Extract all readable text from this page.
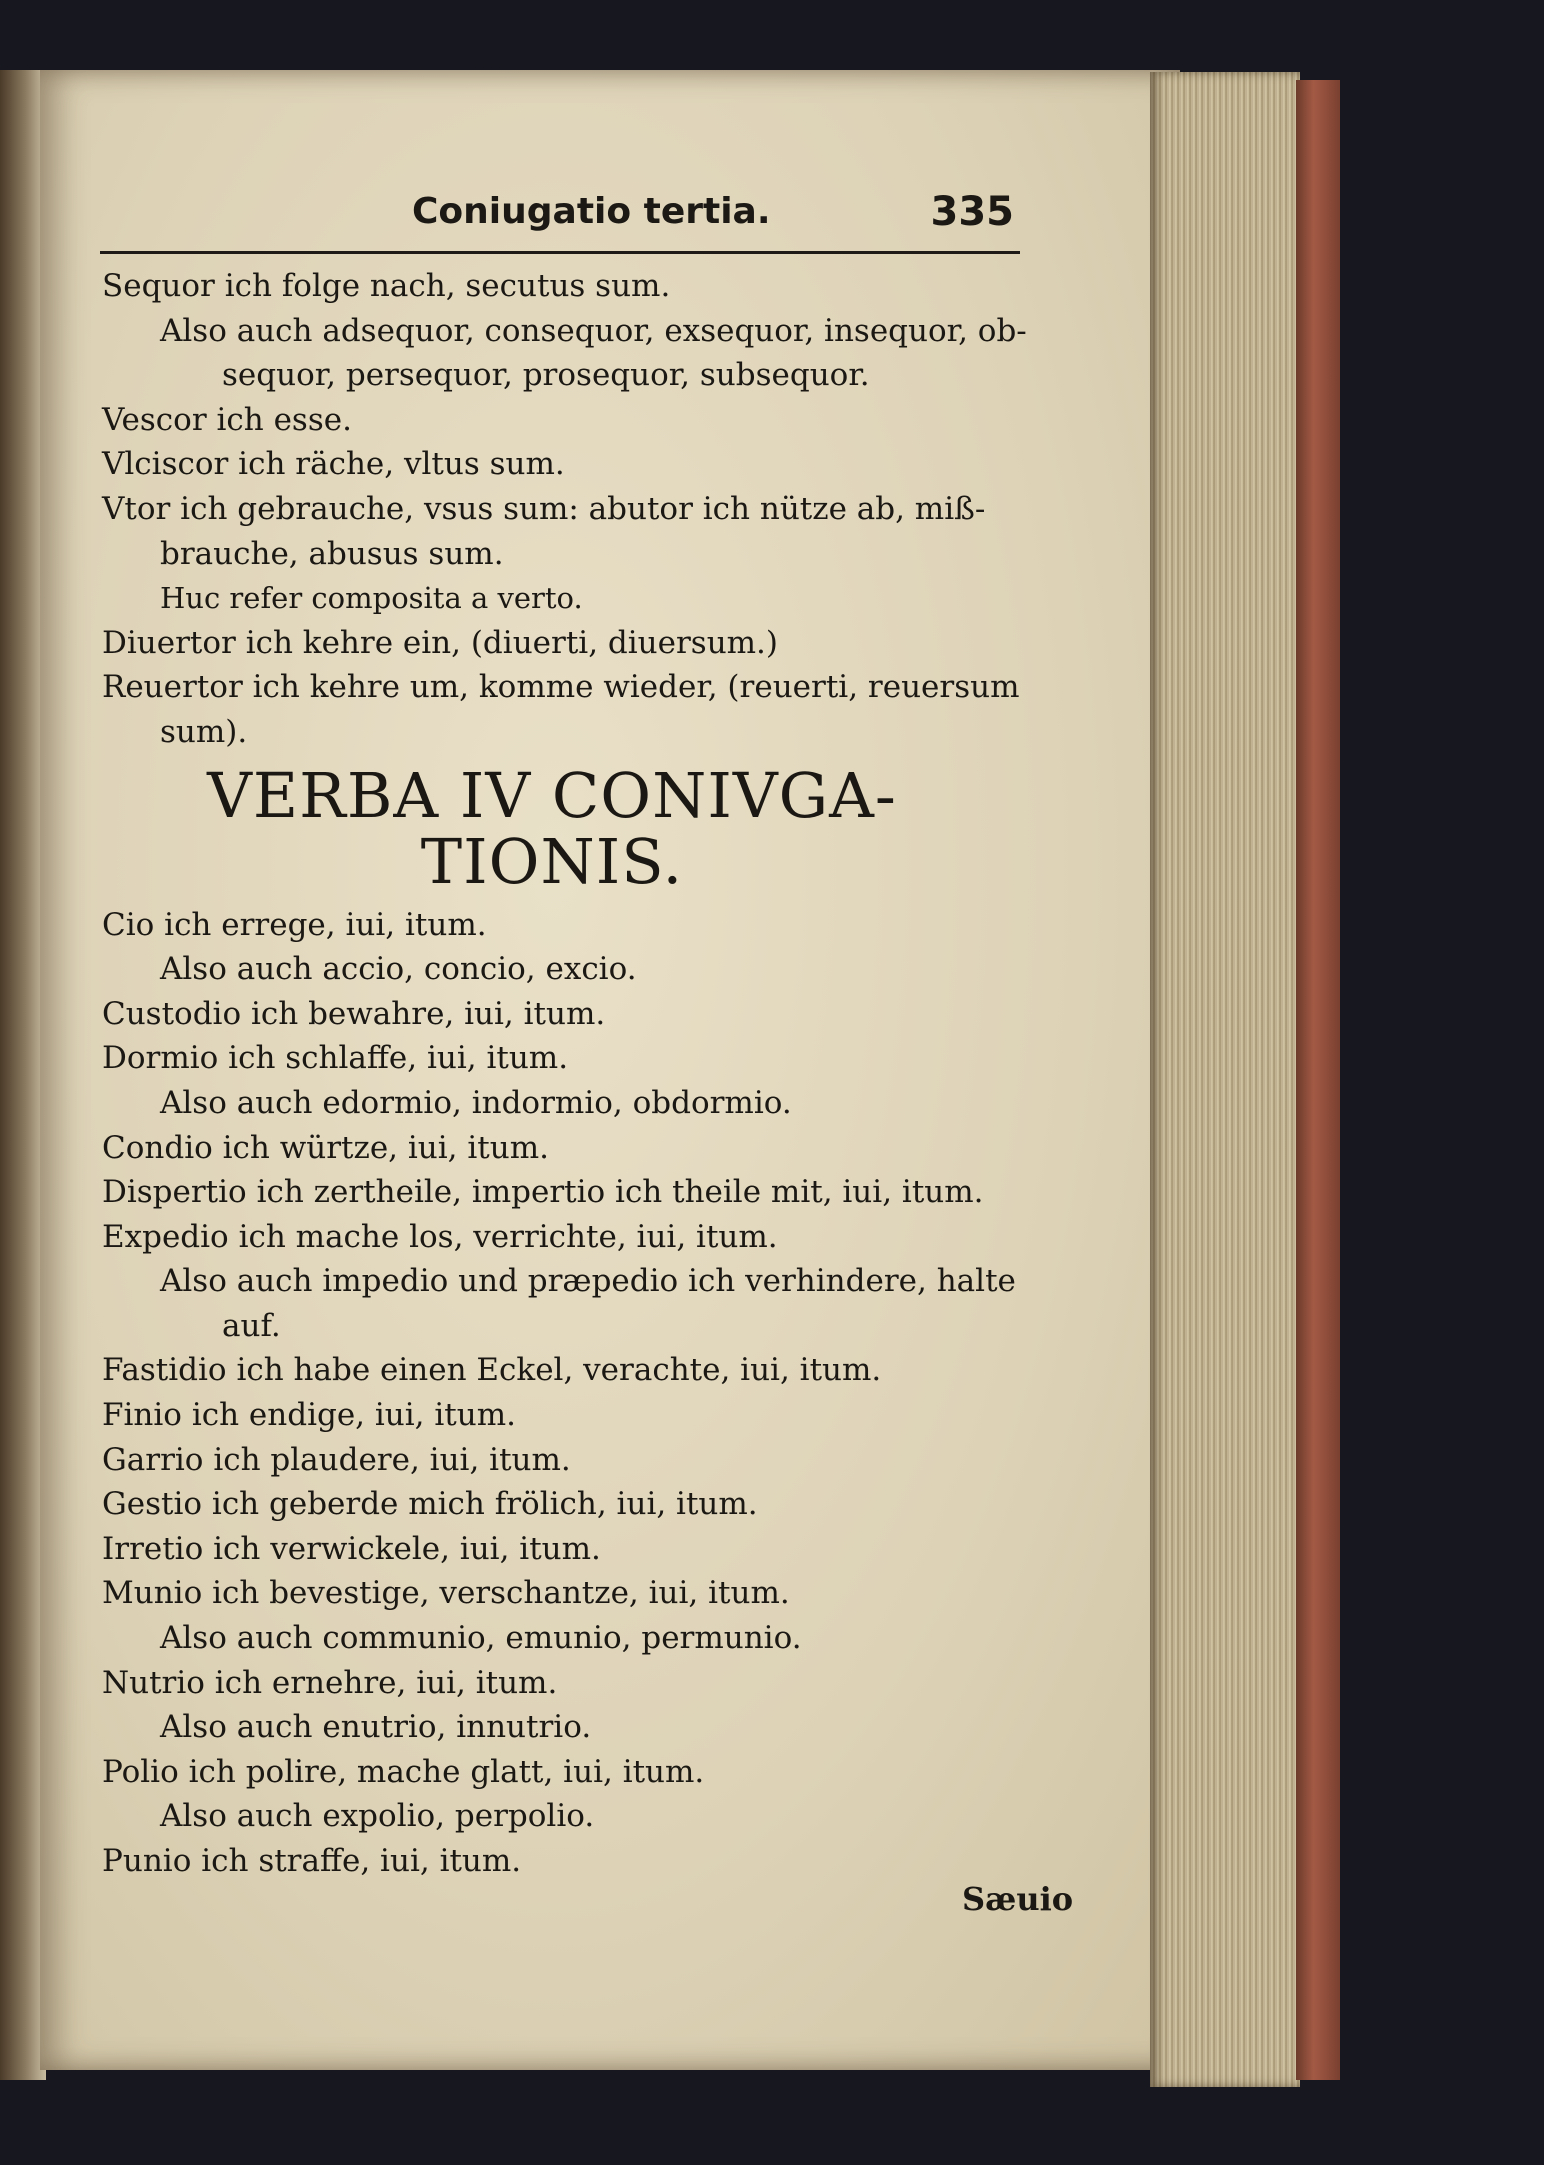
Coniugatio tertia.	335
Sequor ich folge nach, secutus sum.
Also auch adsequor, consequor, exsequor, insequor, ob-
sequor, persequor, prosequor, subsequor.
Vescor ich esse.
Vlciscor ich räche, vltus sum.
Vtor ich gebrauche, vsus sum: abutor ich nütze ab, miß-
brauche, abusus sum.
Huc refer composita a verto.
Diuertor ich kehre ein, (diuerti, diuersum.)
Reuertor ich kehre um, komme wieder, (reuerti, reuersum
sum).
VERBA IV CONIVGA-
TIONIS.
Cio ich errege, iui, itum.
Also auch accio, concio, excio.
Custodio ich bewahre, iui, itum.
Dormio ich schlaffe, iui, itum.
Also auch edormio, indormio, obdormio.
Condio ich würtze, iui, itum.
Dispertio ich zertheile, impertio ich theile mit, iui, itum.
Expedio ich mache los, verrichte, iui, itum.
Also auch impedio und præpedio ich verhindere, halte
auf.
Fastidio ich habe einen Eckel, verachte, iui, itum.
Finio ich endige, iui, itum.
Garrio ich plaudere, iui, itum.
Gestio ich geberde mich frölich, iui, itum.
Irretio ich verwickele, iui, itum.
Munio ich bevestige, verschantze, iui, itum.
Also auch communio, emunio, permunio.
Nutrio ich ernehre, iui, itum.
Also auch enutrio, innutrio.
Polio ich polire, mache glatt, iui, itum.
Also auch expolio, perpolio.
Punio ich straffe, iui, itum.
Sæuio
